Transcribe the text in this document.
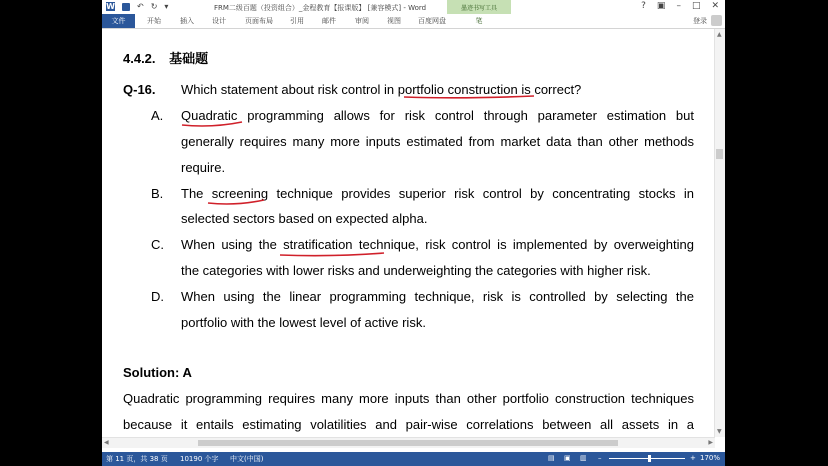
W	↶ ↻ ▾	FRM二级百题（投资组合）_金程教育【报课版】 [兼容模式] - Word	墨迹书写工具	? ▣ – □ ✕
文件	开始	插入	设计	页面布局 引用	邮件	审阅	视图 百度网盘	笔	登录
4.4.2. 基础题
Q-16. Which statement about risk control in portfolio construction is correct?
A. Quadratic programming allows for risk control through parameter estimation but
generally requires many more inputs estimated from market data than other methods
require.
B. The screening technique provides superior risk control by concentrating stocks in
selected sectors based on expected alpha.
C. When using the stratification technique, risk control is implemented by overweighting
the categories with lower risks and underweighting the categories with higher risk.
D. When using the linear programming technique, risk is controlled by selecting the
portfolio with the lowest level of active risk.
Solution: A
Quadratic programming requires many more inputs than other portfolio construction techniques
because it entails estimating volatilities and pair-wise correlations between all assets in a
▲
▼
◀	▶
第 11 页，共 38 页 10190 个字 中文(中国)	▤ ▣ ▥ –	+ 170%
